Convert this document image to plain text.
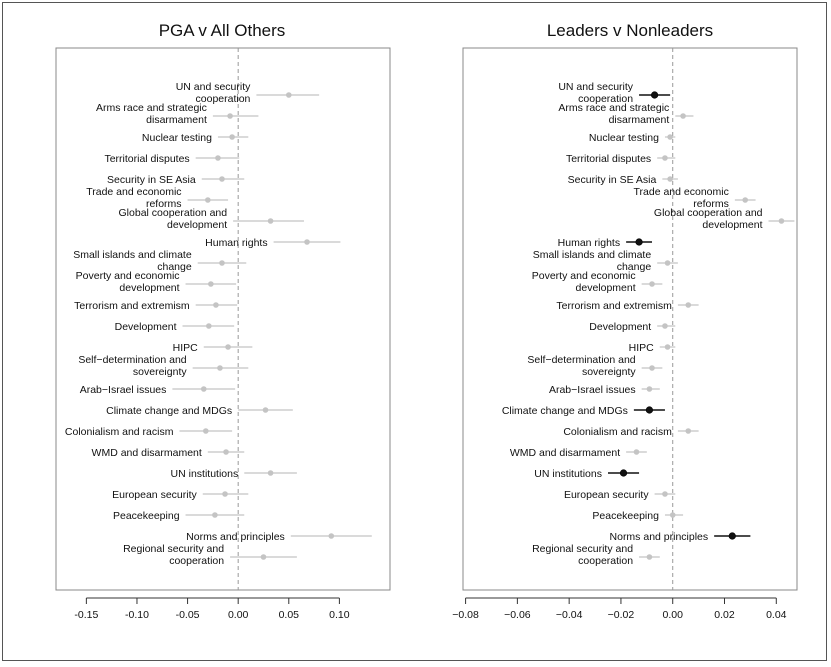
PGA v All Others
-0.15	-0.10	-0.05	0.00	0.05	0.10
UN and security cooperation
Arms race and strategic disarmament
Nuclear testing
Territorial disputes
Security in SE Asia
Trade and economic reforms
Global cooperation and development
Human rights
Small islands and climate change
Poverty and economic development
Terrorism and extremism
Development
HIPC
Self−determination and sovereignty
Arab−Israel issues
Climate change and MDGs
Colonialism and racism
WMD and disarmament
UN institutions
European security
Peacekeeping
Norms and principles
Regional security and cooperation
Leaders v Nonleaders
−0.08 −0.06 −0.04 −0.02	0.00	0.02	0.04
UN and security cooperation
Arms race and strategic disarmament
Nuclear testing
Territorial disputes
Security in SE Asia
Trade and economic reforms
Global cooperation and development
Human rights
Small islands and climate change
Poverty and economic development
Terrorism and extremism
Development
HIPC
Self−determination and sovereignty
Arab−Israel issues
Climate change and MDGs
Colonialism and racism
WMD and disarmament
UN institutions
European security
Peacekeeping
Norms and principles
Regional security and cooperation
